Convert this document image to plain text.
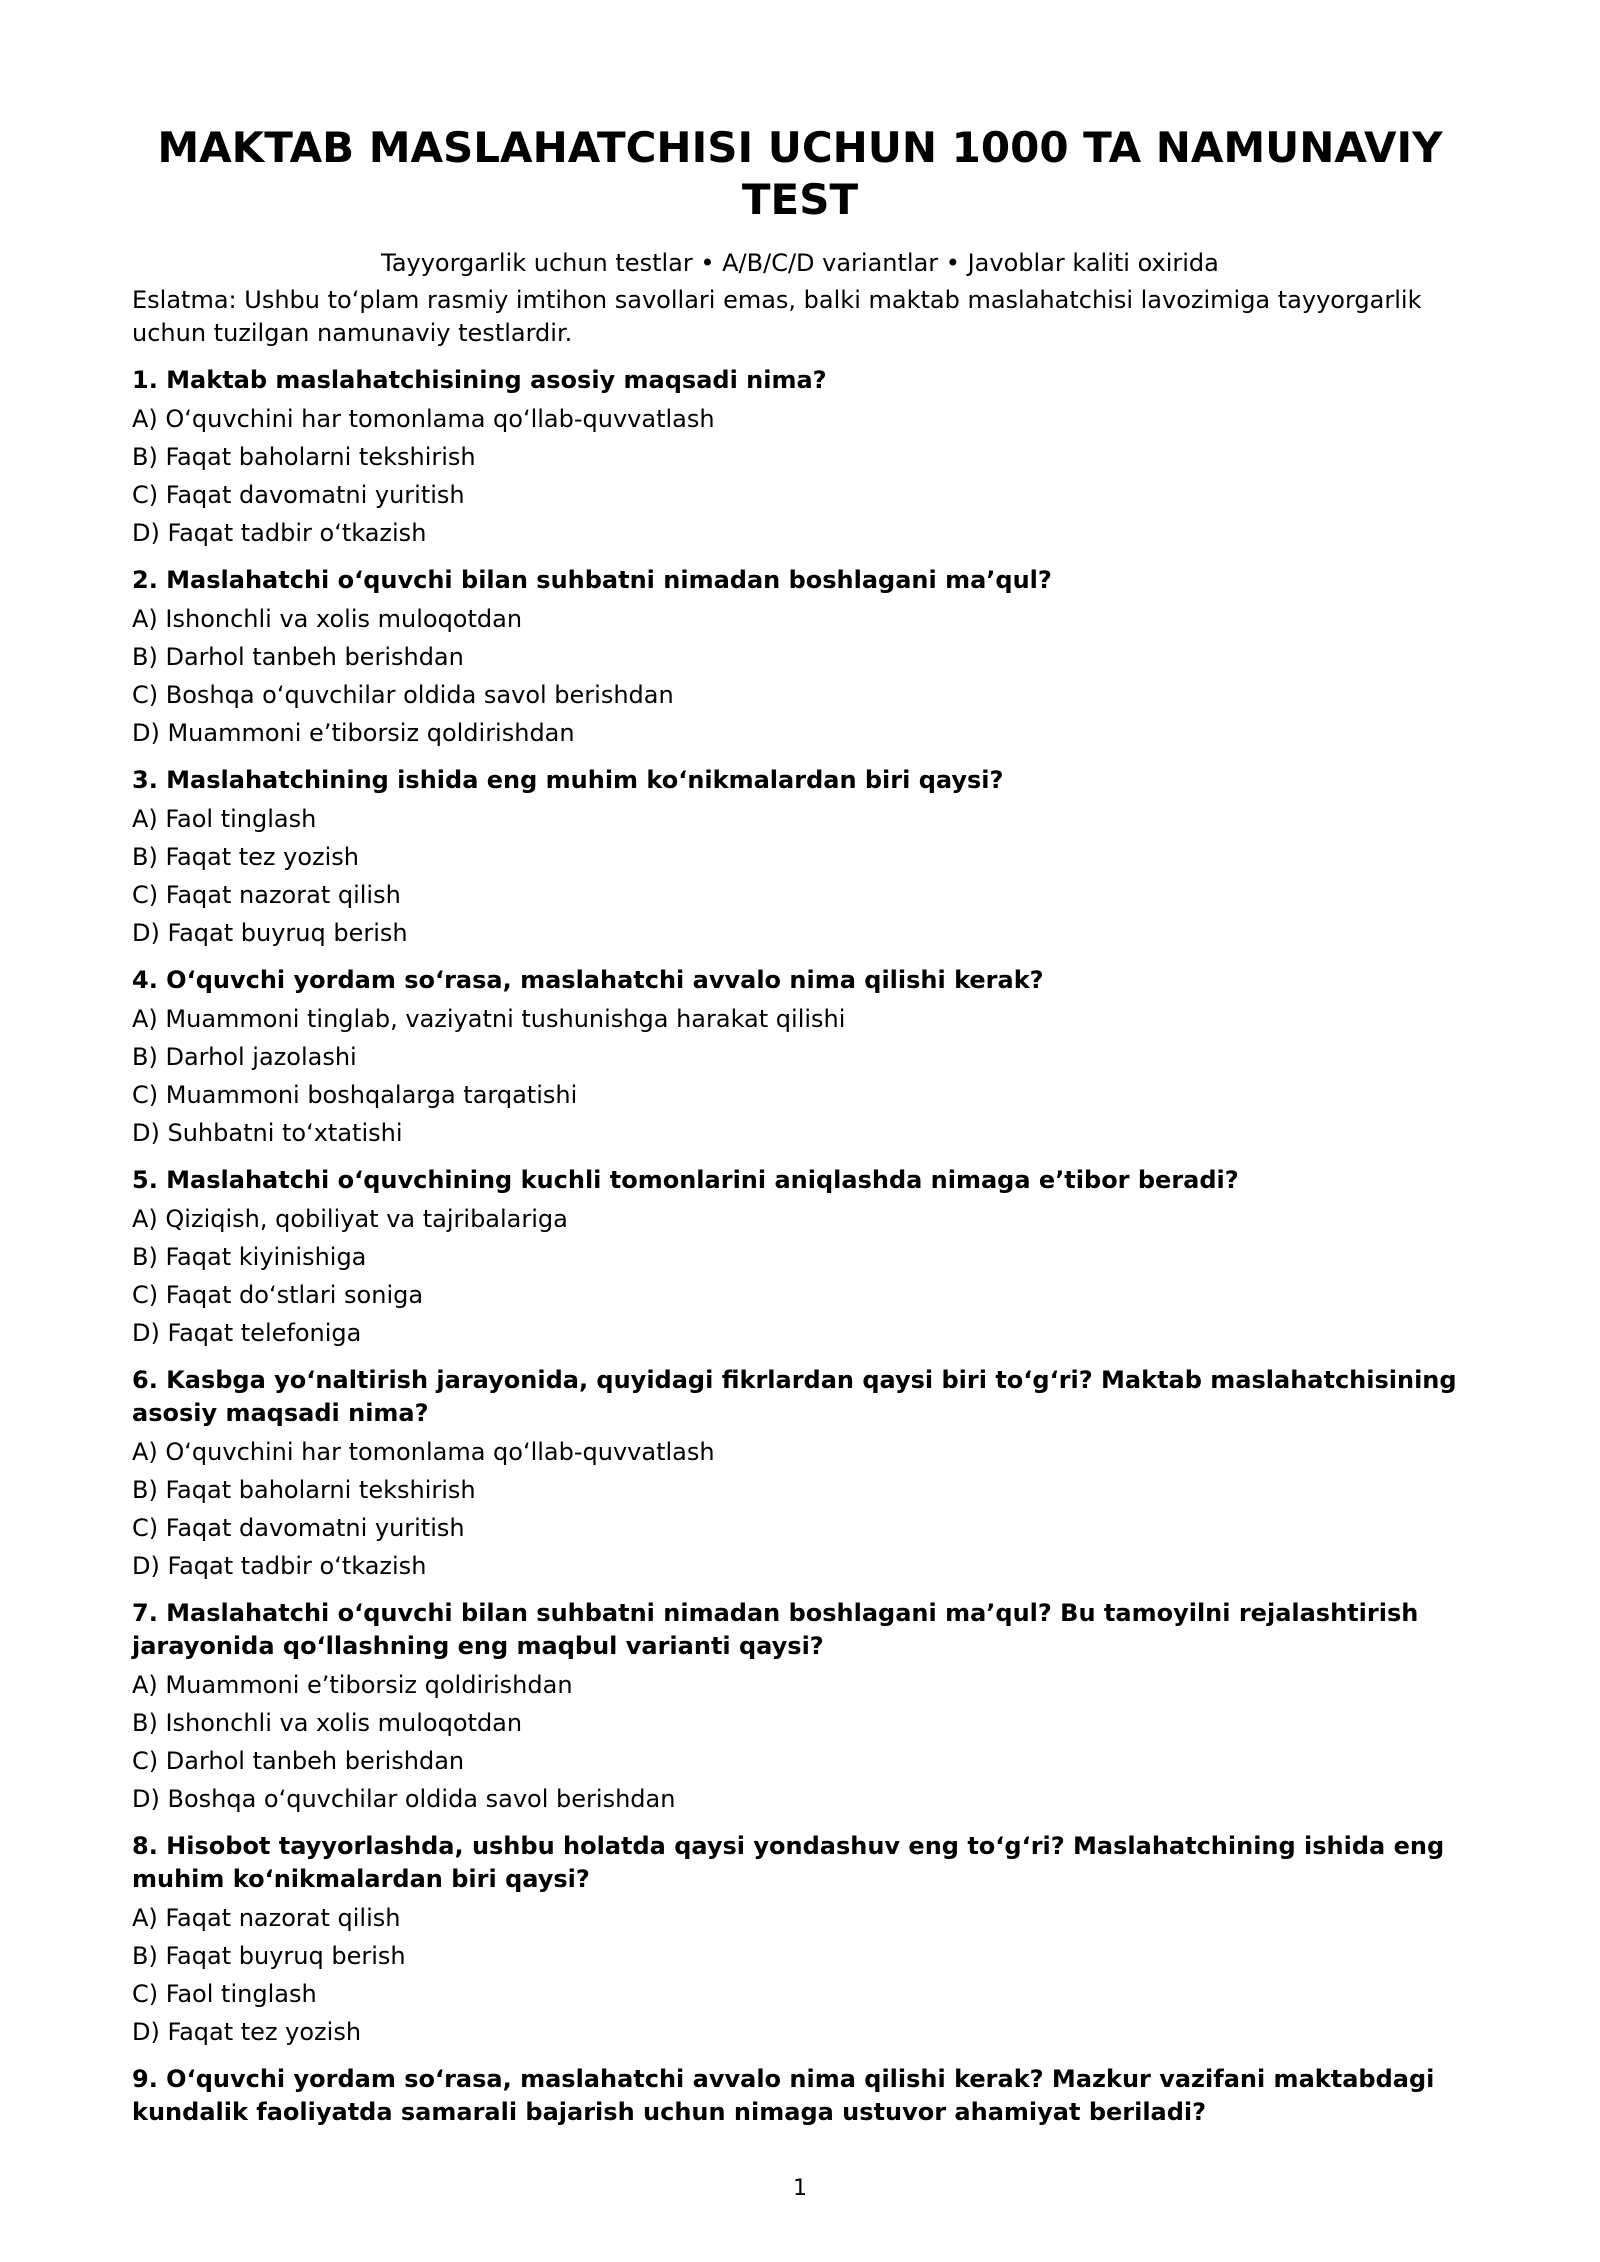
MAKTAB MASLAHATCHISI UCHUN 1000 TA NAMUNAVIY TEST
Tayyorgarlik uchun testlar • A/B/C/D variantlar • Javoblar kaliti oxirida
Eslatma: Ushbu to‘plam rasmiy imtihon savollari emas, balki maktab maslahatchisi lavozimiga tayyorgarlik uchun tuzilgan namunaviy testlardir.
1. Maktab maslahatchisining asosiy maqsadi nima?
A) O‘quvchini har tomonlama qo‘llab-quvvatlash
B) Faqat baholarni tekshirish
C) Faqat davomatni yuritish
D) Faqat tadbir o‘tkazish
2. Maslahatchi o‘quvchi bilan suhbatni nimadan boshlagani ma’qul?
A) Ishonchli va xolis muloqotdan
B) Darhol tanbeh berishdan
C) Boshqa o‘quvchilar oldida savol berishdan
D) Muammoni e’tiborsiz qoldirishdan
3. Maslahatchining ishida eng muhim ko‘nikmalardan biri qaysi?
A) Faol tinglash
B) Faqat tez yozish
C) Faqat nazorat qilish
D) Faqat buyruq berish
4. O‘quvchi yordam so‘rasa, maslahatchi avvalo nima qilishi kerak?
A) Muammoni tinglab, vaziyatni tushunishga harakat qilishi
B) Darhol jazolashi
C) Muammoni boshqalarga tarqatishi
D) Suhbatni to‘xtatishi
5. Maslahatchi o‘quvchining kuchli tomonlarini aniqlashda nimaga e’tibor beradi?
A) Qiziqish, qobiliyat va tajribalariga
B) Faqat kiyinishiga
C) Faqat do‘stlari soniga
D) Faqat telefoniga
6. Kasbga yo‘naltirish jarayonida, quyidagi fikrlardan qaysi biri to‘g‘ri? Maktab maslahatchisining asosiy maqsadi nima?
A) O‘quvchini har tomonlama qo‘llab-quvvatlash
B) Faqat baholarni tekshirish
C) Faqat davomatni yuritish
D) Faqat tadbir o‘tkazish
7. Maslahatchi o‘quvchi bilan suhbatni nimadan boshlagani ma’qul? Bu tamoyilni rejalashtirish jarayonida qo‘llashning eng maqbul varianti qaysi?
A) Muammoni e’tiborsiz qoldirishdan
B) Ishonchli va xolis muloqotdan
C) Darhol tanbeh berishdan
D) Boshqa o‘quvchilar oldida savol berishdan
8. Hisobot tayyorlashda, ushbu holatda qaysi yondashuv eng to‘g‘ri? Maslahatchining ishida eng muhim ko‘nikmalardan biri qaysi?
A) Faqat nazorat qilish
B) Faqat buyruq berish
C) Faol tinglash
D) Faqat tez yozish
9. O‘quvchi yordam so‘rasa, maslahatchi avvalo nima qilishi kerak? Mazkur vazifani maktabdagi kundalik faoliyatda samarali bajarish uchun nimaga ustuvor ahamiyat beriladi?
1
